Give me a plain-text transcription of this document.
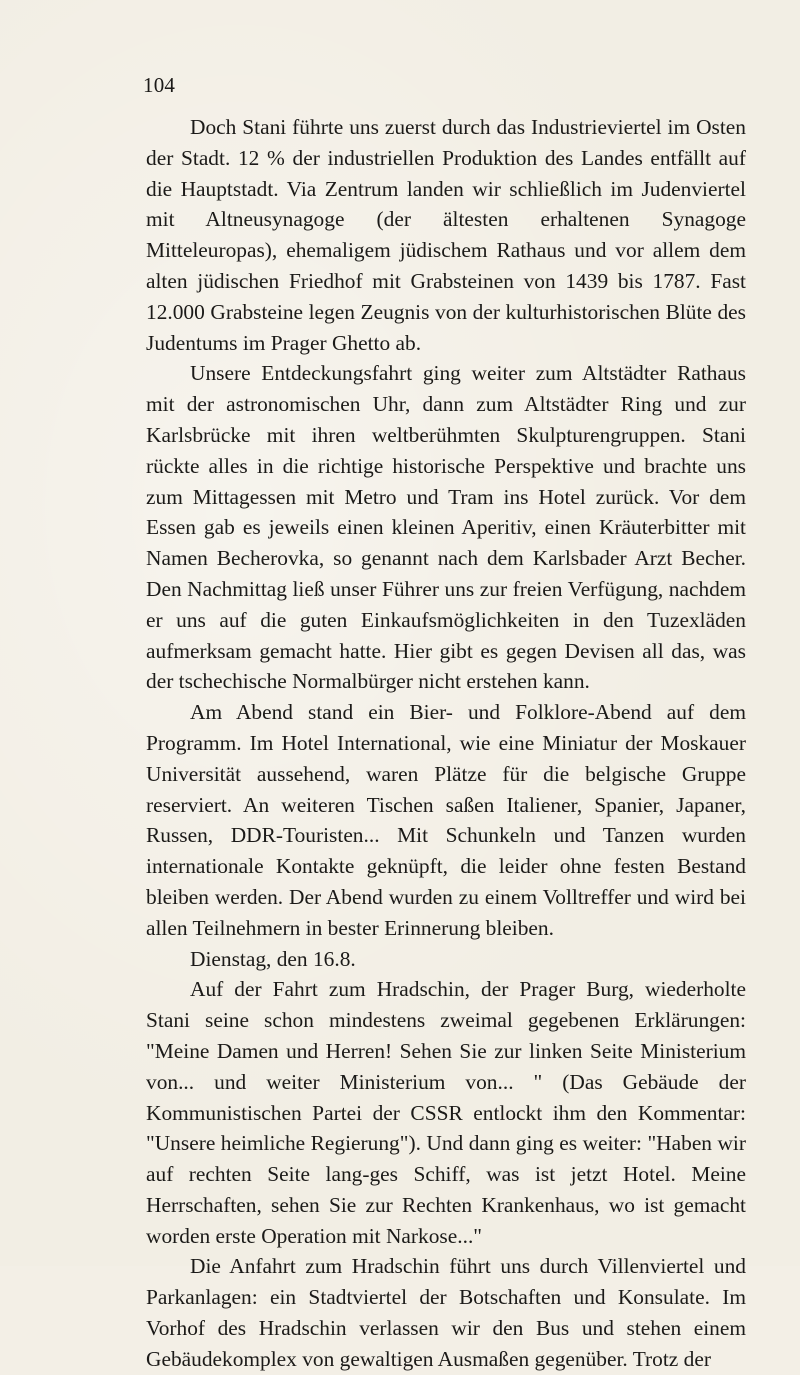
104

Doch Stani führte uns zuerst durch das Industrieviertel im Osten der Stadt. 12 % der industriellen Produktion des Landes entfällt auf die Hauptstadt. Via Zentrum landen wir schließlich im Judenviertel mit Altneusynagoge (der ältesten erhaltenen Synagoge Mitteleuropas), ehemaligem jüdischem Rathaus und vor allem dem alten jüdischen Friedhof mit Grabsteinen von 1439 bis 1787. Fast 12.000 Grabsteine legen Zeugnis von der kulturhistorischen Blüte des Judentums im Prager Ghetto ab.

Unsere Entdeckungsfahrt ging weiter zum Altstädter Rathaus mit der astronomischen Uhr, dann zum Altstädter Ring und zur Karlsbrücke mit ihren weltberühmten Skulpturengruppen. Stani rückte alles in die richtige historische Perspektive und brachte uns zum Mittagessen mit Metro und Tram ins Hotel zurück. Vor dem Essen gab es jeweils einen kleinen Aperitiv, einen Kräuterbitter mit Namen Becherovka, so genannt nach dem Karlsbader Arzt Becher. Den Nachmittag ließ unser Führer uns zur freien Verfügung, nachdem er uns auf die guten Einkaufsmöglichkeiten in den Tuzexläden aufmerksam gemacht hatte. Hier gibt es gegen Devisen all das, was der tschechische Normalbürger nicht erstehen kann.

Am Abend stand ein Bier- und Folklore-Abend auf dem Programm. Im Hotel International, wie eine Miniatur der Moskauer Universität aussehend, waren Plätze für die belgische Gruppe reserviert. An weiteren Tischen saßen Italiener, Spanier, Japaner, Russen, DDR-Touristen... Mit Schunkeln und Tanzen wurden internationale Kontakte geknüpft, die leider ohne festen Bestand bleiben werden. Der Abend wurden zu einem Volltreffer und wird bei allen Teilnehmern in bester Erinnerung bleiben.

Dienstag, den 16.8.

Auf der Fahrt zum Hradschin, der Prager Burg, wiederholte Stani seine schon mindestens zweimal gegebenen Erklärungen: "Meine Damen und Herren! Sehen Sie zur linken Seite Ministerium von... und weiter Ministerium von... " (Das Gebäude der Kommunistischen Partei der CSSR entlockt ihm den Kommentar: "Unsere heimliche Regierung"). Und dann ging es weiter: "Haben wir auf rechten Seite lang-ges Schiff, was ist jetzt Hotel. Meine Herrschaften, sehen Sie zur Rechten Krankenhaus, wo ist gemacht worden erste Operation mit Narkose..."

Die Anfahrt zum Hradschin führt uns durch Villenviertel und Parkanlagen: ein Stadtviertel der Botschaften und Konsulate. Im Vorhof des Hradschin verlassen wir den Bus und stehen einem Gebäudekomplex von gewaltigen Ausmaßen gegenüber. Trotz der
